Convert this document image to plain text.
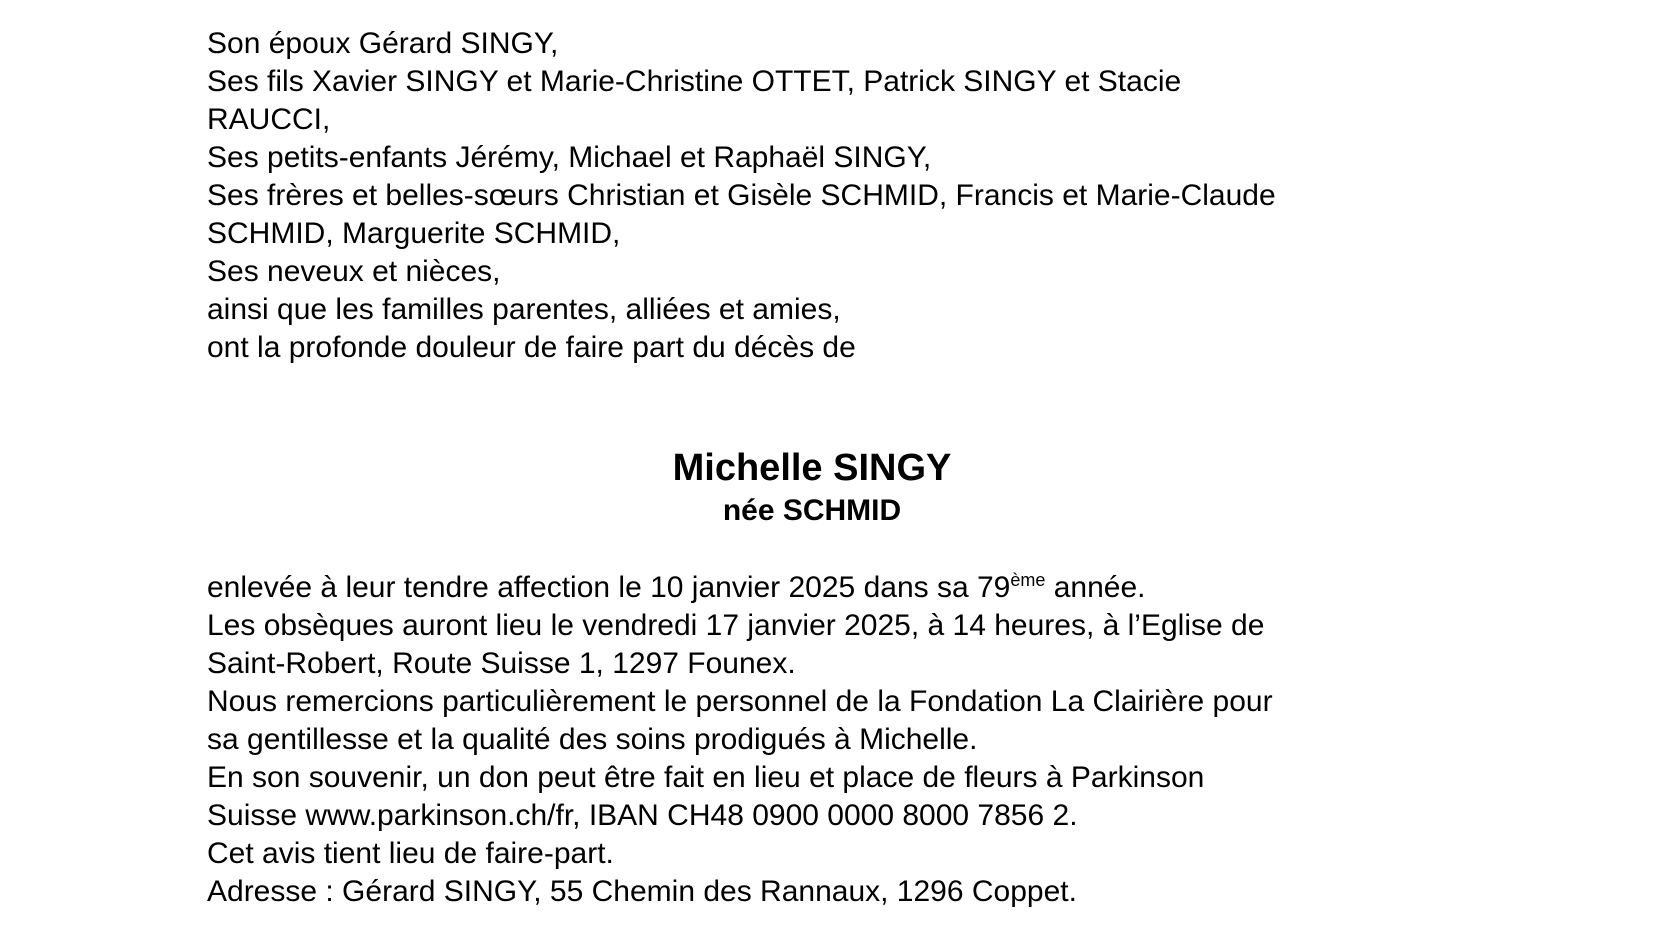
Son époux Gérard SINGY,
Ses fils Xavier SINGY et Marie-Christine OTTET, Patrick SINGY et Stacie
RAUCCI,
Ses petits-enfants Jérémy, Michael et Raphaël SINGY,
Ses frères et belles-sœurs Christian et Gisèle SCHMID, Francis et Marie-Claude
SCHMID, Marguerite SCHMID,
Ses neveux et nièces,
ainsi que les familles parentes, alliées et amies,
ont la profonde douleur de faire part du décès de
Michelle SINGY
née SCHMID
enlevée à leur tendre affection le 10 janvier 2025 dans sa 79ème année.
Les obsèques auront lieu le vendredi 17 janvier 2025, à 14 heures, à l’Eglise de
Saint-Robert, Route Suisse 1, 1297 Founex.
Nous remercions particulièrement le personnel de la Fondation La Clairière pour
sa gentillesse et la qualité des soins prodigués à Michelle.
En son souvenir, un don peut être fait en lieu et place de fleurs à Parkinson
Suisse www.parkinson.ch/fr, IBAN CH48 0900 0000 8000 7856 2.
Cet avis tient lieu de faire-part.
Adresse : Gérard SINGY, 55 Chemin des Rannaux, 1296 Coppet.
